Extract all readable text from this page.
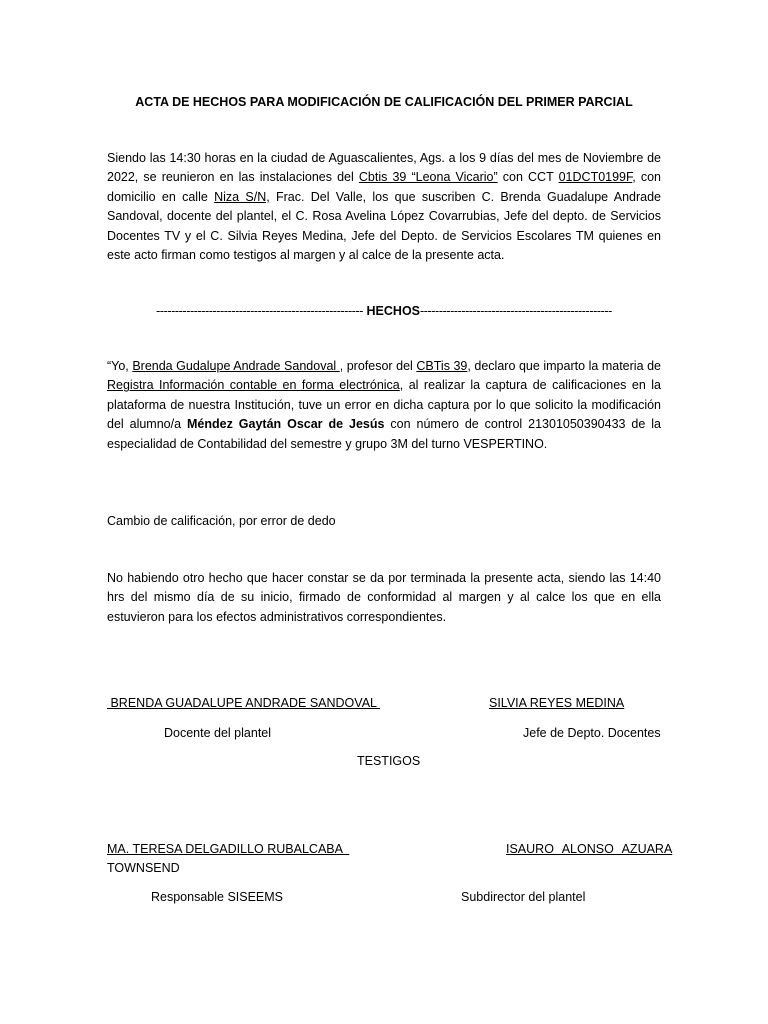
ACTA DE HECHOS PARA MODIFICACIÓN DE CALIFICACIÓN DEL PRIMER PARCIAL

Siendo las 14:30 horas en la ciudad de Aguascalientes, Ags. a los 9 días del mes de Noviembre de 2022, se reunieron en las instalaciones del Cbtis 39 “Leona Vicario” con CCT 01DCT0199F, con domicilio en calle Niza S/N, Frac. Del Valle, los que suscriben C. Brenda Guadalupe Andrade Sandoval, docente del plantel, el C. Rosa Avelina López Covarrubias, Jefe del depto. de Servicios Docentes TV y el C. Silvia Reyes Medina, Jefe del Depto. de Servicios Escolares TM quienes en este acto firman como testigos al margen y al calce de la presente acta.

------------------------------------------------------- HECHOS---------------------------------------------------

“Yo, Brenda Gudalupe Andrade Sandoval , profesor del CBTis 39, declaro que imparto la materia de Registra Información contable en forma electrónica, al realizar la captura de calificaciones en la plataforma de nuestra Institución, tuve un error en dicha captura por lo que solicito la modificación del alumno/a Méndez Gaytán Oscar de Jesús con número de control 21301050390433 de la especialidad de Contabilidad del semestre y grupo 3M del turno VESPERTINO.

Cambio de calificación, por error de dedo

No habiendo otro hecho que hacer constar se da por terminada la presente acta, siendo las 14:40 hrs del mismo día de su inicio, firmado de conformidad al margen y al calce los que en ella estuvieron para los efectos administrativos correspondientes.

BRENDA GUADALUPE ANDRADE SANDOVAL
Docente del plantel
SILVIA REYES MEDINA
Jefe de Depto. Docentes
TESTIGOS
MA. TERESA DELGADILLO RUBALCABA
TOWNSEND
Responsable SISEEMS
ISAURO ALONSO AZUARA
Subdirector del plantel
